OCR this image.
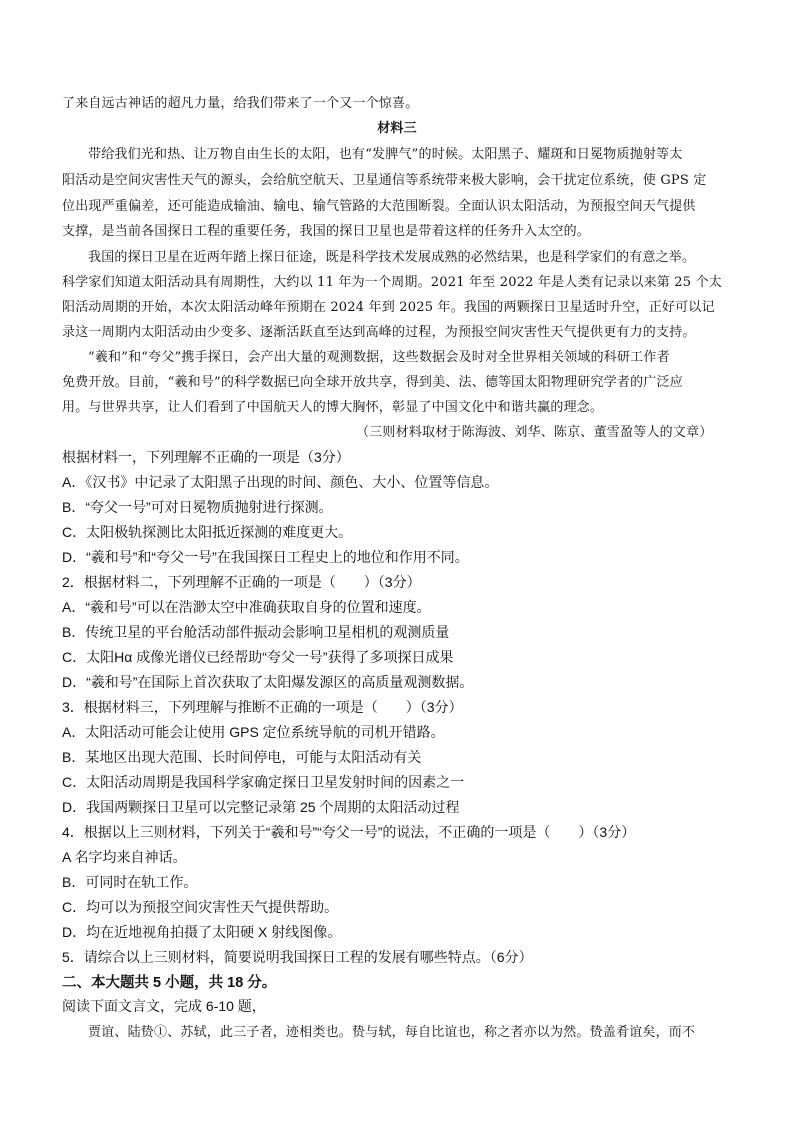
了来自远古神话的超凡力量，给我们带来了一个又一个惊喜。
材料三
带给我们光和热、让万物自由生长的太阳，也有“发脾气”的时候。太阳黑子、耀斑和日冕物质抛射等太
阳活动是空间灾害性天气的源头，会给航空航天、卫星通信等系统带来极大影响，会干扰定位系统，使 GPS 定
位出现严重偏差，还可能造成输油、输电、输气管路的大范围断裂。全面认识太阳活动，为预报空间天气提供
支撑，是当前各国探日工程的重要任务，我国的探日卫星也是带着这样的任务升入太空的。
我国的探日卫星在近两年踏上探日征途，既是科学技术发展成熟的必然结果，也是科学家们的有意之举。
科学家们知道太阳活动具有周期性，大约以 11 年为一个周期。2021 年至 2022 年是人类有记录以来第 25 个太
阳活动周期的开始，本次太阳活动峰年预期在 2024 年到 2025 年。我国的两颗探日卫星适时升空，正好可以记
录这一周期内太阳活动由少变多、逐渐活跃直至达到高峰的过程，为预报空间灾害性天气提供更有力的支持。
“羲和”和“夸父”携手探日，会产出大量的观测数据，这些数据会及时对全世界相关领域的科研工作者
免费开放。目前，“羲和号”的科学数据已向全球开放共享，得到美、法、德等国太阳物理研究学者的广泛应
用。与世界共享，让人们看到了中国航天人的博大胸怀，彰显了中国文化中和谐共赢的理念。
（三则材料取材于陈海波、刘华、陈京、董雪盈等人的文章）
根据材料一，下列理解不正确的一项是（3分）
A．《汉书》中记录了太阳黑子出现的时间、颜色、大小、位置等信息。
B．“夸父一号”可对日冕物质抛射进行探测。
C．太阳极轨探测比太阳抵近探测的难度更大。
D．“羲和号”和“夸父一号”在我国探日工程史上的地位和作用不同。
2．根据材料二，下列理解不正确的一项是（　　）（3分）
A．“羲和号”可以在浩渺太空中准确获取自身的位置和速度。
B．传统卫星的平台舱活动部件振动会影响卫星相机的观测质量
C．太阳Hα 成像光谱仪已经帮助“夸父一号”获得了多项探日成果
D．“羲和号”在国际上首次获取了太阳爆发源区的高质量观测数据。
3．根据材料三，下列理解与推断不正确的一项是（　　）（3分）
A．太阳活动可能会让使用 GPS 定位系统导航的司机开错路。
B．某地区出现大范围、长时间停电，可能与太阳活动有关
C．太阳活动周期是我国科学家确定探日卫星发射时间的因素之一
D．我国两颗探日卫星可以完整记录第 25 个周期的太阳活动过程
4．根据以上三则材料，下列关于“羲和号”“夸父一号”的说法，不正确的一项是（　　）（3分）
A 名字均来自神话。
B．可同时在轨工作。
C．均可以为预报空间灾害性天气提供帮助。
D．均在近地视角拍摄了太阳硬 X 射线图像。
5．请综合以上三则材料，简要说明我国探日工程的发展有哪些特点。（6分）
二、本大题共 5 小题，共 18 分。
阅读下面文言文，完成 6-10 题，
贾谊、陆贽①、苏轼，此三子者，迹相类也。贽与轼，每自比谊也，称之者亦以为然。贽盖肴谊矣，而不
